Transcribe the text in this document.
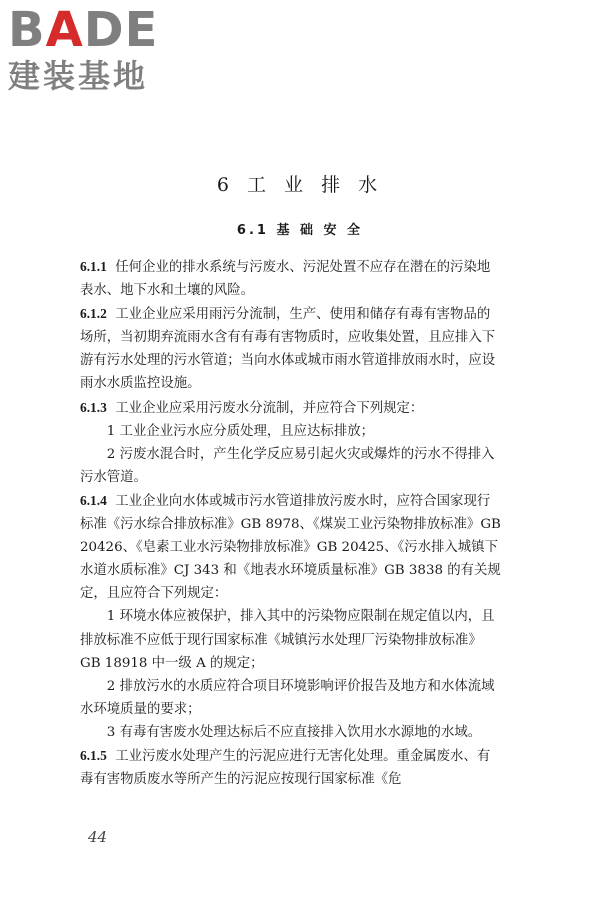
BADE
建装基地
6 工 业 排 水
6.1 基 础 安 全

6.1.1 任何企业的排水系统与污废水、污泥处置不应存在潜在的污染地表水、地下水和土壤的风险。

6.1.2 工业企业应采用雨污分流制，生产、使用和储存有毒有害物品的场所，当初期弃流雨水含有有毒有害物质时，应收集处置，且应排入下游有污水处理的污水管道；当向水体或城市雨水管道排放雨水时，应设雨水水质监控设施。

6.1.3 工业企业应采用污废水分流制，并应符合下列规定：

1 工业企业污水应分质处理，且应达标排放；

2 污废水混合时，产生化学反应易引起火灾或爆炸的污水不得排入污水管道。

6.1.4 工业企业向水体或城市污水管道排放污废水时，应符合国家现行标准《污水综合排放标准》GB 8978、《煤炭工业污染物排放标准》GB 20426、《皂素工业水污染物排放标准》GB 20425、《污水排入城镇下水道水质标准》CJ 343 和《地表水环境质量标准》GB 3838 的有关规定，且应符合下列规定：

1 环境水体应被保护，排入其中的污染物应限制在规定值以内，且排放标准不应低于现行国家标准《城镇污水处理厂污染物排放标准》GB 18918 中一级 A 的规定；

2 排放污水的水质应符合项目环境影响评价报告及地方和水体流域水环境质量的要求；

3 有毒有害废水处理达标后不应直接排入饮用水水源地的水域。

6.1.5 工业污废水处理产生的污泥应进行无害化处理。重金属废水、有毒有害物质废水等所产生的污泥应按现行国家标准《危

44
